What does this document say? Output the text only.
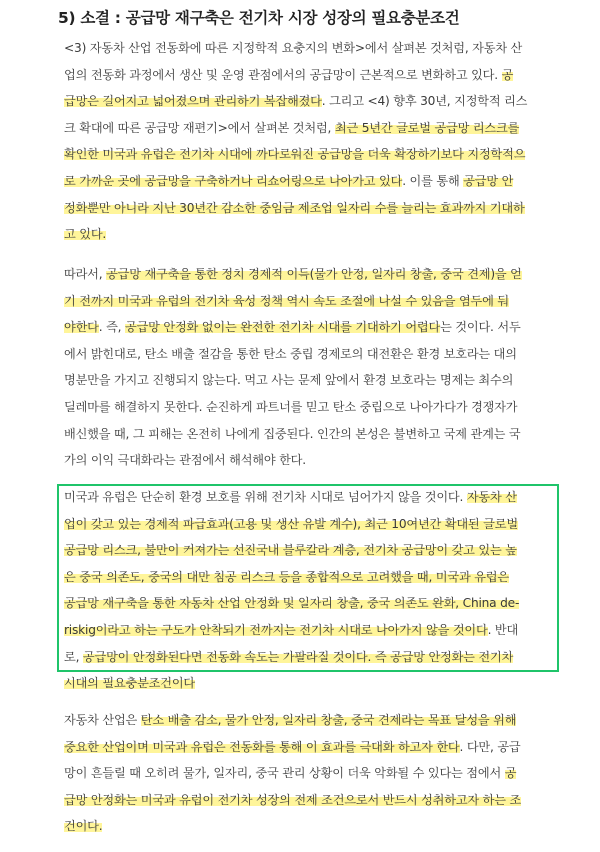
5) 소결 : 공급망 재구축은 전기차 시장 성장의 필요충분조건
<3) 자동차 산업 전동화에 따른 지정학적 요충지의 변화>에서 살펴본 것처럼, 자동차 산
업의 전동화 과정에서 생산 및 운영 관점에서의 공급망이 근본적으로 변화하고 있다. 공
급망은 길어지고 넓어졌으며 관리하기 복잡해졌다. 그리고 <4) 향후 30년, 지정학적 리스
크 확대에 따른 공급망 재편기>에서 살펴본 것처럼, 최근 5년간 글로벌 공급망 리스크를
확인한 미국과 유럽은 전기차 시대에 까다로워진 공급망을 더욱 확장하기보다 지정학적으
로 가까운 곳에 공급망을 구축하거나 리쇼어링으로 나아가고 있다. 이를 통해 공급망 안
정화뿐만 아니라 지난 30년간 감소한 중임금 제조업 일자리 수를 늘리는 효과까지 기대하
고 있다.
따라서, 공급망 재구축을 통한 정치 경제적 이득(물가 안정, 일자리 창출, 중국 견제)을 얻
기 전까지 미국과 유럽의 전기차 육성 정책 역시 속도 조절에 나설 수 있음을 염두에 둬
야한다. 즉, 공급망 안정화 없이는 완전한 전기차 시대를 기대하기 어렵다는 것이다. 서두
에서 밝힌대로, 탄소 배출 절감을 통한 탄소 중립 경제로의 대전환은 환경 보호라는 대의
명분만을 가지고 진행되지 않는다. 먹고 사는 문제 앞에서 환경 보호라는 명제는 최수의
딜레마를 해결하지 못한다. 순진하게 파트너를 믿고 탄소 중립으로 나아가다가 경쟁자가
배신했을 때, 그 피해는 온전히 나에게 집중된다. 인간의 본성은 불변하고 국제 관계는 국
가의 이익 극대화라는 관점에서 해석해야 한다.
미국과 유럽은 단순히 환경 보호를 위해 전기차 시대로 넘어가지 않을 것이다. 자동차 산
업이 갖고 있는 경제적 파급효과(고용 및 생산 유발 계수), 최근 10여년간 확대된 글로벌
공급망 리스크, 불만이 커져가는 선진국내 블루칼라 계층, 전기차 공급망이 갖고 있는 높
은 중국 의존도, 중국의 대만 침공 리스크 등을 종합적으로 고려했을 때, 미국과 유럽은
공급망 재구축을 통한 자동차 산업 안정화 및 일자리 창출, 중국 의존도 완화, China de-
riskig이라고 하는 구도가 안착되기 전까지는 전기차 시대로 나아가지 않을 것이다. 반대
로, 공급망이 안정화된다면 전동화 속도는 가팔라질 것이다. 즉 공급망 안정화는 전기차
시대의 필요충분조건이다
자동차 산업은 탄소 배출 감소, 물가 안정, 일자리 창출, 중국 견제라는 목표 달성을 위해
중요한 산업이며 미국과 유럽은 전동화를 통해 이 효과를 극대화 하고자 한다. 다만, 공급
망이 흔들릴 때 오히려 물가, 일자리, 중국 관리 상황이 더욱 악화될 수 있다는 점에서 공
급망 안정화는 미국과 유럽이 전기차 성장의 전제 조건으로서 반드시 성취하고자 하는 조
건이다.
